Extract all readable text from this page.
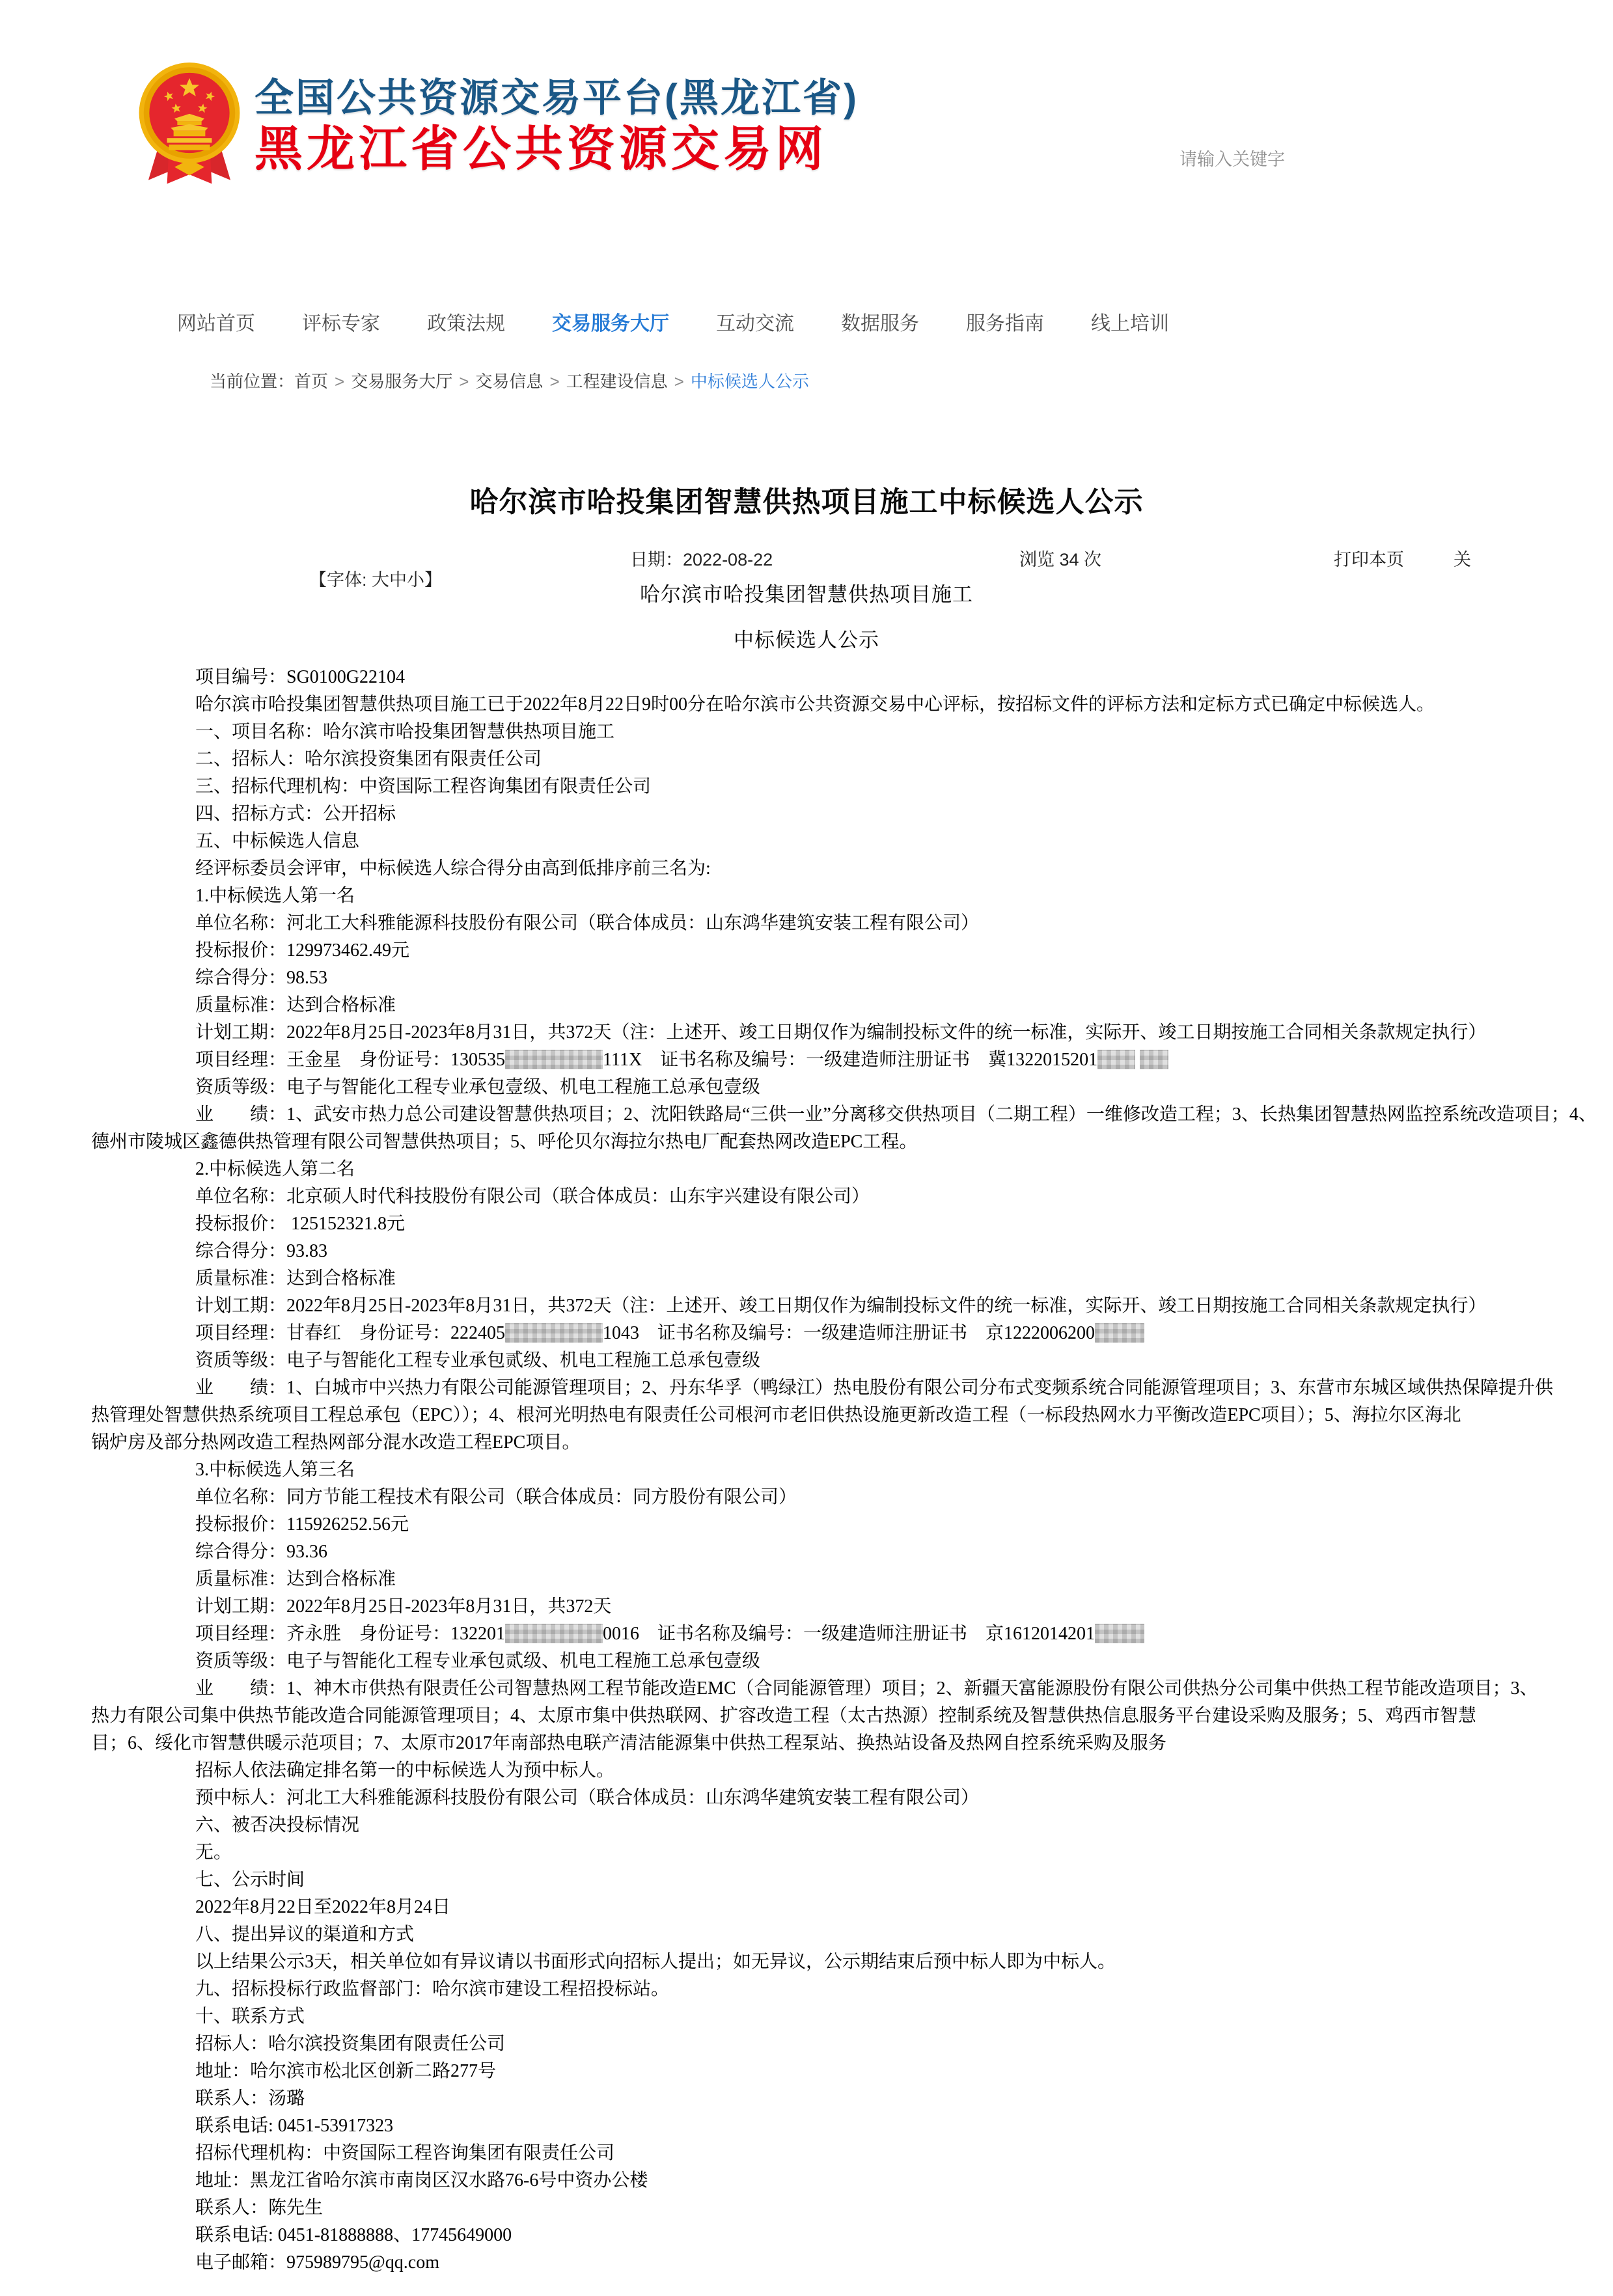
全国公共资源交易平台(黑龙江省)
黑龙江省公共资源交易网
请输入关键字
网站首页 评标专家 政策法规 交易服务大厅 互动交流 数据服务 服务指南 线上培训
当前位置：首页 > 交易服务大厅 > 交易信息 > 工程建设信息 > 中标候选人公示
哈尔滨市哈投集团智慧供热项目施工中标候选人公示

【字体: 大中小】

日期：2022-08-22	浏览 34 次	打印本页	关
哈尔滨市哈投集团智慧供热项目施工
中标候选人公示
项目编号：SG0100G22104
哈尔滨市哈投集团智慧供热项目施工已于2022年8月22日9时00分在哈尔滨市公共资源交易中心评标，按招标文件的评标方法和定标方式已确定中标候选人。
一、项目名称：哈尔滨市哈投集团智慧供热项目施工
二、招标人：哈尔滨投资集团有限责任公司
三、招标代理机构：中资国际工程咨询集团有限责任公司
四、招标方式：公开招标
五、中标候选人信息
经评标委员会评审，中标候选人综合得分由高到低排序前三名为:
1.中标候选人第一名
单位名称：河北工大科雅能源科技股份有限公司（联合体成员：山东鸿华建筑安装工程有限公司）
投标报价：129973462.49元
综合得分：98.53
质量标准：达到合格标准
计划工期：2022年8月25日-2023年8月31日，共372天（注：上述开、竣工日期仅作为编制投标文件的统一标准，实际开、竣工日期按施工合同相关条款规定执行）
项目经理：王金星　身份证号：130535	111X　证书名称及编号：一级建造师注册证书　冀1322015201
资质等级：电子与智能化工程专业承包壹级、机电工程施工总承包壹级
业　　绩：1、武安市热力总公司建设智慧供热项目；2、沈阳铁路局“三供一业”分离移交供热项目（二期工程）一维修改造工程；3、长热集团智慧热网监控系统改造项目；4、
德州市陵城区鑫德供热管理有限公司智慧供热项目；5、呼伦贝尔海拉尔热电厂配套热网改造EPC工程。
2.中标候选人第二名
单位名称：北京硕人时代科技股份有限公司（联合体成员：山东宇兴建设有限公司）
投标报价： 125152321.8元
综合得分：93.83
质量标准：达到合格标准
计划工期：2022年8月25日-2023年8月31日，共372天（注：上述开、竣工日期仅作为编制投标文件的统一标准，实际开、竣工日期按施工合同相关条款规定执行）
项目经理：甘春红　身份证号：222405	1043　证书名称及编号：一级建造师注册证书　京1222006200
资质等级：电子与智能化工程专业承包贰级、机电工程施工总承包壹级
业　　绩：1、白城市中兴热力有限公司能源管理项目；2、丹东华孚（鸭绿江）热电股份有限公司分布式变频系统合同能源管理项目；3、东营市东城区域供热保障提升供
热管理处智慧供热系统项目工程总承包（EPC））；4、根河光明热电有限责任公司根河市老旧供热设施更新改造工程（一标段热网水力平衡改造EPC项目）；5、海拉尔区海北
锅炉房及部分热网改造工程热网部分混水改造工程EPC项目。
3.中标候选人第三名
单位名称：同方节能工程技术有限公司（联合体成员：同方股份有限公司）
投标报价：115926252.56元
综合得分：93.36
质量标准：达到合格标准
计划工期：2022年8月25日-2023年8月31日，共372天
项目经理：齐永胜　身份证号：132201	0016　证书名称及编号：一级建造师注册证书　京1612014201
资质等级：电子与智能化工程专业承包贰级、机电工程施工总承包壹级
业　　绩：1、神木市供热有限责任公司智慧热网工程节能改造EMC（合同能源管理）项目；2、新疆天富能源股份有限公司供热分公司集中供热工程节能改造项目；3、
热力有限公司集中供热节能改造合同能源管理项目；4、太原市集中供热联网、扩容改造工程（太古热源）控制系统及智慧供热信息服务平台建设采购及服务；5、鸡西市智慧
目；6、绥化市智慧供暖示范项目；7、太原市2017年南部热电联产清洁能源集中供热工程泵站、换热站设备及热网自控系统采购及服务
招标人依法确定排名第一的中标候选人为预中标人。
预中标人：河北工大科雅能源科技股份有限公司（联合体成员：山东鸿华建筑安装工程有限公司）
六、被否决投标情况
无。
七、公示时间
2022年8月22日至2022年8月24日
八、提出异议的渠道和方式
以上结果公示3天，相关单位如有异议请以书面形式向招标人提出；如无异议，公示期结束后预中标人即为中标人。
九、招标投标行政监督部门：哈尔滨市建设工程招投标站。
十、联系方式
招标人：哈尔滨投资集团有限责任公司
地址：哈尔滨市松北区创新二路277号
联系人：汤璐
联系电话: 0451-53917323
招标代理机构：中资国际工程咨询集团有限责任公司
地址：黑龙江省哈尔滨市南岗区汉水路76-6号中资办公楼
联系人：陈先生
联系电话: 0451-81888888、17745649000
电子邮箱：975989795@qq.com
